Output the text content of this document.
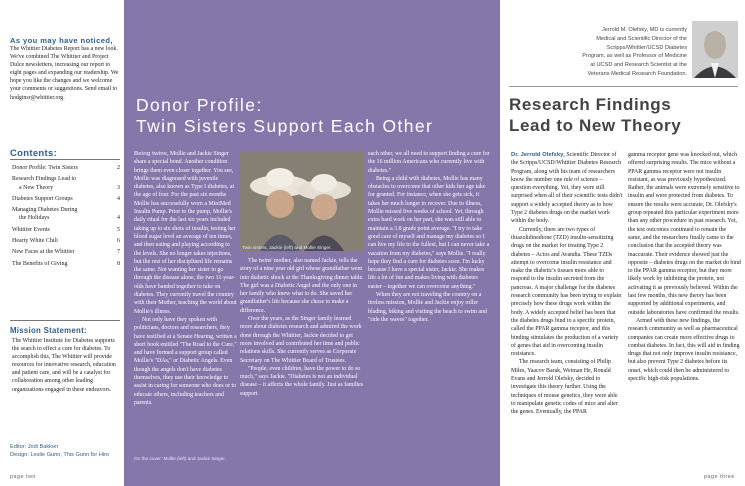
As you may have noticed,
The Whittier Diabetes Report has a new look. We've combined The Whittier and Project Dulce newsletters, increasing our report to eight pages and expanding our readership. We hope you like the changes and we welcome your comments or suggestions. Send email to hodginsr@whittier.org.
Contents:
Donor Profile: Twin Sisters	2
Research Findings Lead to
a New Theory	3
Diabetes Support Groups	4
Managing Diabetes During
the Holidays	4
Whittier Events	5
Hearty White Chili	6
New Faces at the Whittier	7
The Benefits of Giving	8
Mission Statement:
The Whittier Institute for Diabetes supports the search to effect a cure for diabetes. To accomplish this, The Whittier will provide resources for innovative research, education and patient care, and will be a catalyst for collaboration among other leading organizations engaged in these endeavors.
Editor: Jodi Bakken
Design: Leslie Gunn, This Gunn for Hire
page two
Donor Profile:
Twin Sisters Support Each Other

Being twins, Mollie and Jackie Singer share a special bond. Another condition brings them even closer together. You see, Mollie was diagnosed with juvenile diabetes, also known as Type I diabetes, at the age of four. For the past six months Mollie has successfully worn a MiniMed Insulin Pump. Prior to the pump, Mollie's daily ritual for the last six years included taking up to six shots of insulin, testing her blood sugar level an average of ten times, and then eating and playing according to the levels. She no longer takes injections, but the rest of her disciplined life remains the same. Not wanting her sister to go through the disease alone, the two 11-year-olds have banded together to take on diabetes. They currently travel the country with their Mother, teaching the world about Mollie's illness.

Not only have they spoken with politicians, doctors and researchers, they have testified at a Senate Hearing, written a short book entitled "The Road to the Cure," and have formed a support group called Mollie's "DAs," or Diabetic Angels. Even though the angels don't have diabetes themselves, they use their knowledge to assist in caring for someone who does or to educate others, including teachers and parents.

Twin sisters, Jackie (left) and Mollie Singer.

The twins' mother, also named Jackie, tells the story of a nine year old girl whose grandfather went into diabetic shock at the Thanksgiving dinner table. The girl was a Diabetic Angel and the only one in her family who knew what to do. She saved her grandfather's life because she chose to make a difference.

Over the years, as the Singer family learned more about diabetes research and admired the work done through the Whittier, Jackie decided to get more involved and contributed her time and public relations skills. She currently serves as Corporate Secretary on The Whittier Board of Trustees.

"People, even children, have the power to do so much," says Jackie. "Diabetes is not an individual disease – it affects the whole family. Just as families support

each other, we all need to support finding a cure for the 16 million Americans who currently live with diabetes."

Being a child with diabetes, Mollie has many obstacles to overcome that other kids her age take for granted. For instance, when she gets sick, it takes her much longer to recover. Due to illness, Mollie missed five weeks of school. Yet, through extra hard work on her part, she was still able to maintain a 3.8 grade point average. "I try to take good care of myself and manage my diabetes so I can live my life to the fullest, but I can never take a vacation from my diabetes," says Mollie. "I really hope they find a cure for diabetes soon. I'm lucky because I have a special sister, Jackie. She makes life a lot of fun and makes living with diabetes easier – together we can overcome anything."

When they are not traveling the country on a tireless mission, Mollie and Jackie enjoy roller blading, biking and visiting the beach to swim and "ride the waves" together.

On the cover: Mollie (left) and Jackie Singer.
Jerrold M. Olefsky, MD is currently
Medical and Scientific Director of the
Scripps/Whittier/UCSD Diabetes
Program, as well as Professor of Medicine
at UCSD and Research Scientist at the
Veterans Medical Research Foundation.
Research Findings
Lead to New Theory

Dr. Jerrold Olefsky, Scientific Director of the Scripps/UCSD/Whittier Diabetes Research Program, along with his team of researchers know the number one rule of science – question everything. Yet, they were still surprised when all of their scientific tests didn't support a widely accepted theory as to how Type 2 diabetes drugs on the market work within the body.

Currently, there are two types of thiazolidinedione (TZD) insulin-sensitizing drugs on the market for treating Type 2 diabetes – Actos and Avandia. These TZDs attempt to overcome insulin resistance and make the diabetic's tissues more able to respond to the insulin secreted from the pancreas. A major challenge for the diabetes research community has been trying to explain precisely how these drugs work within the body. A widely accepted belief has been that the diabetes drugs bind to a specific protein, called the PPAR gamma receptor, and this binding stimulates the production of a variety of genes that aid in overcoming insulin resistance.

The research team, consisting of Philip Miles, Yaacov Barak, Weiman He, Ronald Evans and Jerrold Olefsky, decided to investigate this theory further. Using the techniques of mouse genetics, they were able to manipulate genetic codes of mice and alter the genes. Eventually, the PPAR

gamma receptor gene was knocked out, which offered surprising results. The mice without a PPAR gamma receptor were not insulin resistant, as was previously hypothesized. Rather, the animals were extremely sensitive to insulin and were protected from diabetes. To ensure the results were accurate, Dr. Olefsky's group repeated this particular experiment more than any other procedure in past research. Yet, the test outcomes continued to remain the same, and the researchers finally came to the conclusion that the accepted theory was inaccurate. Their evidence showed just the opposite – diabetes drugs on the market do bind to the PPAR gamma receptor, but they more likely work by inhibiting the protein, not activating it as previously believed. Within the last few months, this new theory has been supported by additional experiments, and outside laboratories have confirmed the results.

Armed with these new findings, the research community as well as pharmaceutical companies can create more effective drugs to combat diabetes. In fact, this will aid in finding drugs that not only improve insulin resistance, but also prevent Type 2 diabetes before its onset, which could then be administered to specific high-risk populations.

page three
